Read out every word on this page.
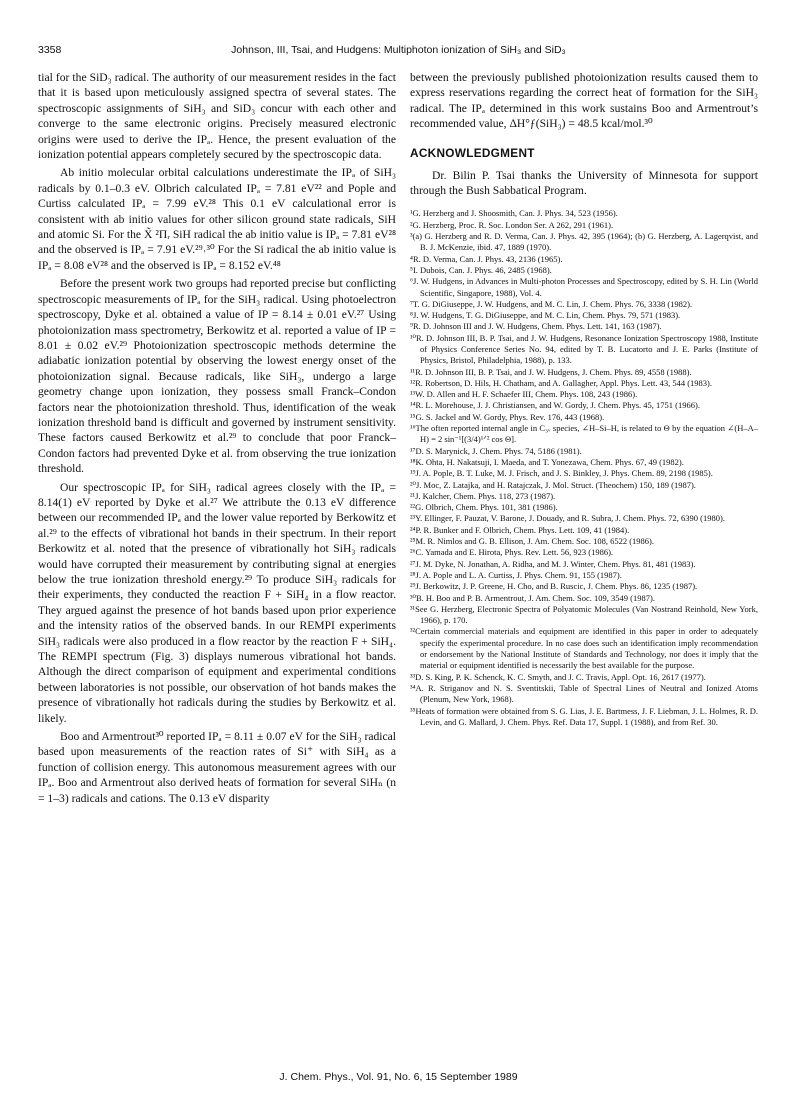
3358	Johnson, III, Tsai, and Hudgens: Multiphoton ionization of SiH₃ and SiD₃

tial for the SiD₃ radical. The authority of our measurement resides in the fact that it is based upon meticulously assigned spectra of several states. The spectroscopic assignments of SiH₃ and SiD₃ concur with each other and converge to the same electronic origins. Precisely measured electronic origins were used to derive the IPₐ. Hence, the present evaluation of the ionization potential appears completely secured by the spectroscopic data.

Ab initio molecular orbital calculations underestimate the IPₐ of SiH₃ radicals by 0.1–0.3 eV. Olbrich calculated IPₐ = 7.81 eV²² and Pople and Curtiss calculated IPₐ = 7.99 eV.²⁸ This 0.1 eV calculational error is consistent with ab initio values for other silicon ground state radicals, SiH and atomic Si. For the X̃ ²Πᵣ SiH radical the ab initio value is IPₐ = 7.81 eV²⁸ and the observed is IPₐ = 7.91 eV.²⁹˒³⁰ For the Si radical the ab initio value is IPₐ = 8.08 eV²⁸ and the observed is IPₐ = 8.152 eV.⁴⁸

Before the present work two groups had reported precise but conflicting spectroscopic measurements of IPₐ for the SiH₃ radical. Using photoelectron spectroscopy, Dyke et al. obtained a value of IP = 8.14 ± 0.01 eV.²⁷ Using photoionization mass spectrometry, Berkowitz et al. reported a value of IP = 8.01 ± 0.02 eV.²⁹ Photoionization spectroscopic methods determine the adiabatic ionization potential by observing the lowest energy onset of the photoionization signal. Because radicals, like SiH₃, undergo a large geometry change upon ionization, they possess small Franck–Condon factors near the photoionization threshold. Thus, identification of the weak ionization threshold band is difficult and governed by instrument sensitivity. These factors caused Berkowitz et al.²⁹ to conclude that poor Franck–Condon factors had prevented Dyke et al. from observing the true ionization threshold.

Our spectroscopic IPₐ for SiH₃ radical agrees closely with the IPₐ = 8.14(1) eV reported by Dyke et al.²⁷ We attribute the 0.13 eV difference between our recommended IPₐ and the lower value reported by Berkowitz et al.²⁹ to the effects of vibrational hot bands in their spectrum. In their report Berkowitz et al. noted that the presence of vibrationally hot SiH₃ radicals would have corrupted their measurement by contributing signal at energies below the true ionization threshold energy.²⁹ To produce SiH₃ radicals for their experiments, they conducted the reaction F + SiH₄ in a flow reactor. They argued against the presence of hot bands based upon prior experience and the intensity ratios of the observed bands. In our REMPI experiments SiH₃ radicals were also produced in a flow reactor by the reaction F + SiH₄. The REMPI spectrum (Fig. 3) displays numerous vibrational hot bands. Although the direct comparison of equipment and experimental conditions between laboratories is not possible, our observation of hot bands makes the presence of vibrationally hot radicals during the studies by Berkowitz et al. likely.

Boo and Armentrout³⁰ reported IPₐ = 8.11 ± 0.07 eV for the SiH₃ radical based upon measurements of the reaction rates of Si⁺ with SiH₄ as a function of collision energy. This autonomous measurement agrees with our IPₐ. Boo and Armentrout also derived heats of formation for several SiHₙ (n = 1–3) radicals and cations. The 0.13 eV disparity

between the previously published photoionization results caused them to express reservations regarding the correct heat of formation for the SiH₃ radical. The IPₐ determined in this work sustains Boo and Armentrout’s recommended value, ΔH°ƒ(SiH₃) = 48.5 kcal/mol.³⁰

ACKNOWLEDGMENT

Dr. Bilin P. Tsai thanks the University of Minnesota for support through the Bush Sabbatical Program.

¹G. Herzberg and J. Shoosmith, Can. J. Phys. 34, 523 (1956).

²G. Herzberg, Proc. R. Soc. London Ser. A 262, 291 (1961).

³(a) G. Herzberg and R. D. Verma, Can. J. Phys. 42, 395 (1964); (b) G. Herzberg, A. Lagerqvist, and B. J. McKenzie, ibid. 47, 1889 (1970).

⁴R. D. Verma, Can. J. Phys. 43, 2136 (1965).

⁵I. Dubois, Can. J. Phys. 46, 2485 (1968).

⁶J. W. Hudgens, in Advances in Multi-photon Processes and Spectroscopy, edited by S. H. Lin (World Scientific, Singapore, 1988), Vol. 4.

⁷T. G. DiGiuseppe, J. W. Hudgens, and M. C. Lin, J. Chem. Phys. 76, 3338 (1982).

⁸J. W. Hudgens, T. G. DiGiuseppe, and M. C. Lin, Chem. Phys. 79, 571 (1983).

⁹R. D. Johnson III and J. W. Hudgens, Chem. Phys. Lett. 141, 163 (1987).

¹⁰R. D. Johnson III, B. P. Tsai, and J. W. Hudgens, Resonance Ionization Spectroscopy 1988, Institute of Physics Conference Series No. 94, edited by T. B. Lucatorto and J. E. Parks (Institute of Physics, Bristol, Philadelphia, 1988), p. 133.

¹¹R. D. Johnson III, B. P. Tsai, and J. W. Hudgens, J. Chem. Phys. 89, 4558 (1988).

¹²R. Robertson, D. Hils, H. Chatham, and A. Gallagher, Appl. Phys. Lett. 43, 544 (1983).

¹³W. D. Allen and H. F. Schaefer III, Chem. Phys. 108, 243 (1986).

¹⁴R. L. Morehouse, J. J. Christiansen, and W. Gordy, J. Chem. Phys. 45, 1751 (1966).

¹⁵G. S. Jackel and W. Gordy, Phys. Rev. 176, 443 (1968).

¹⁶The often reported internal angle in C₃ᵥ species, ∠H–Si–H, is related to Θ by the equation ∠(H–A–H) = 2 sin⁻¹[(3/4)¹ᐟ² cos Θ].

¹⁷D. S. Marynick, J. Chem. Phys. 74, 5186 (1981).

¹⁸K. Ohta, H. Nakatsuji, I. Maeda, and T. Yonezawa, Chem. Phys. 67, 49 (1982).

¹⁹J. A. Pople, B. T. Luke, M. J. Frisch, and J. S. Binkley, J. Phys. Chem. 89, 2198 (1985).

²⁰J. Moc, Z. Latajka, and H. Ratajczak, J. Mol. Struct. (Theochem) 150, 189 (1987).

²¹J. Kalcher, Chem. Phys. 118, 273 (1987).

²²G. Olbrich, Chem. Phys. 101, 381 (1986).

²³Y. Ellinger, F. Pauzat, V. Barone, J. Douady, and R. Subra, J. Chem. Phys. 72, 6390 (1980).

²⁴P. R. Bunker and F. Olbrich, Chem. Phys. Lett. 109, 41 (1984).

²⁵M. R. Nimlos and G. B. Ellison, J. Am. Chem. Soc. 108, 6522 (1986).

²⁶C. Yamada and E. Hirota, Phys. Rev. Lett. 56, 923 (1986).

²⁷J. M. Dyke, N. Jonathan, A. Ridha, and M. J. Winter, Chem. Phys. 81, 481 (1983).

²⁸J. A. Pople and L. A. Curtiss, J. Phys. Chem. 91, 155 (1987).

²⁹J. Berkowitz, J. P. Greene, H. Cho, and B. Ruscic, J. Chem. Phys. 86, 1235 (1987).

³⁰B. H. Boo and P. B. Armentrout, J. Am. Chem. Soc. 109, 3549 (1987).

³¹See G. Herzberg, Electronic Spectra of Polyatomic Molecules (Van Nostrand Reinhold, New York, 1966), p. 170.

³²Certain commercial materials and equipment are identified in this paper in order to adequately specify the experimental procedure. In no case does such an identification imply recommendation or endorsement by the National Institute of Standards and Technology, nor does it imply that the material or equipment identified is necessarily the best available for the purpose.

³³D. S. King, P. K. Schenck, K. C. Smyth, and J. C. Travis, Appl. Opt. 16, 2617 (1977).

³⁴A. R. Striganov and N. S. Sventitskii, Table of Spectral Lines of Neutral and Ionized Atoms (Plenum, New York, 1968).

³⁵Heats of formation were obtained from S. G. Lias, J. E. Bartmess, J. F. Liebman, J. L. Holmes, R. D. Levin, and G. Mallard, J. Chem. Phys. Ref. Data 17, Suppl. 1 (1988), and from Ref. 30.

J. Chem. Phys., Vol. 91, No. 6, 15 September 1989
